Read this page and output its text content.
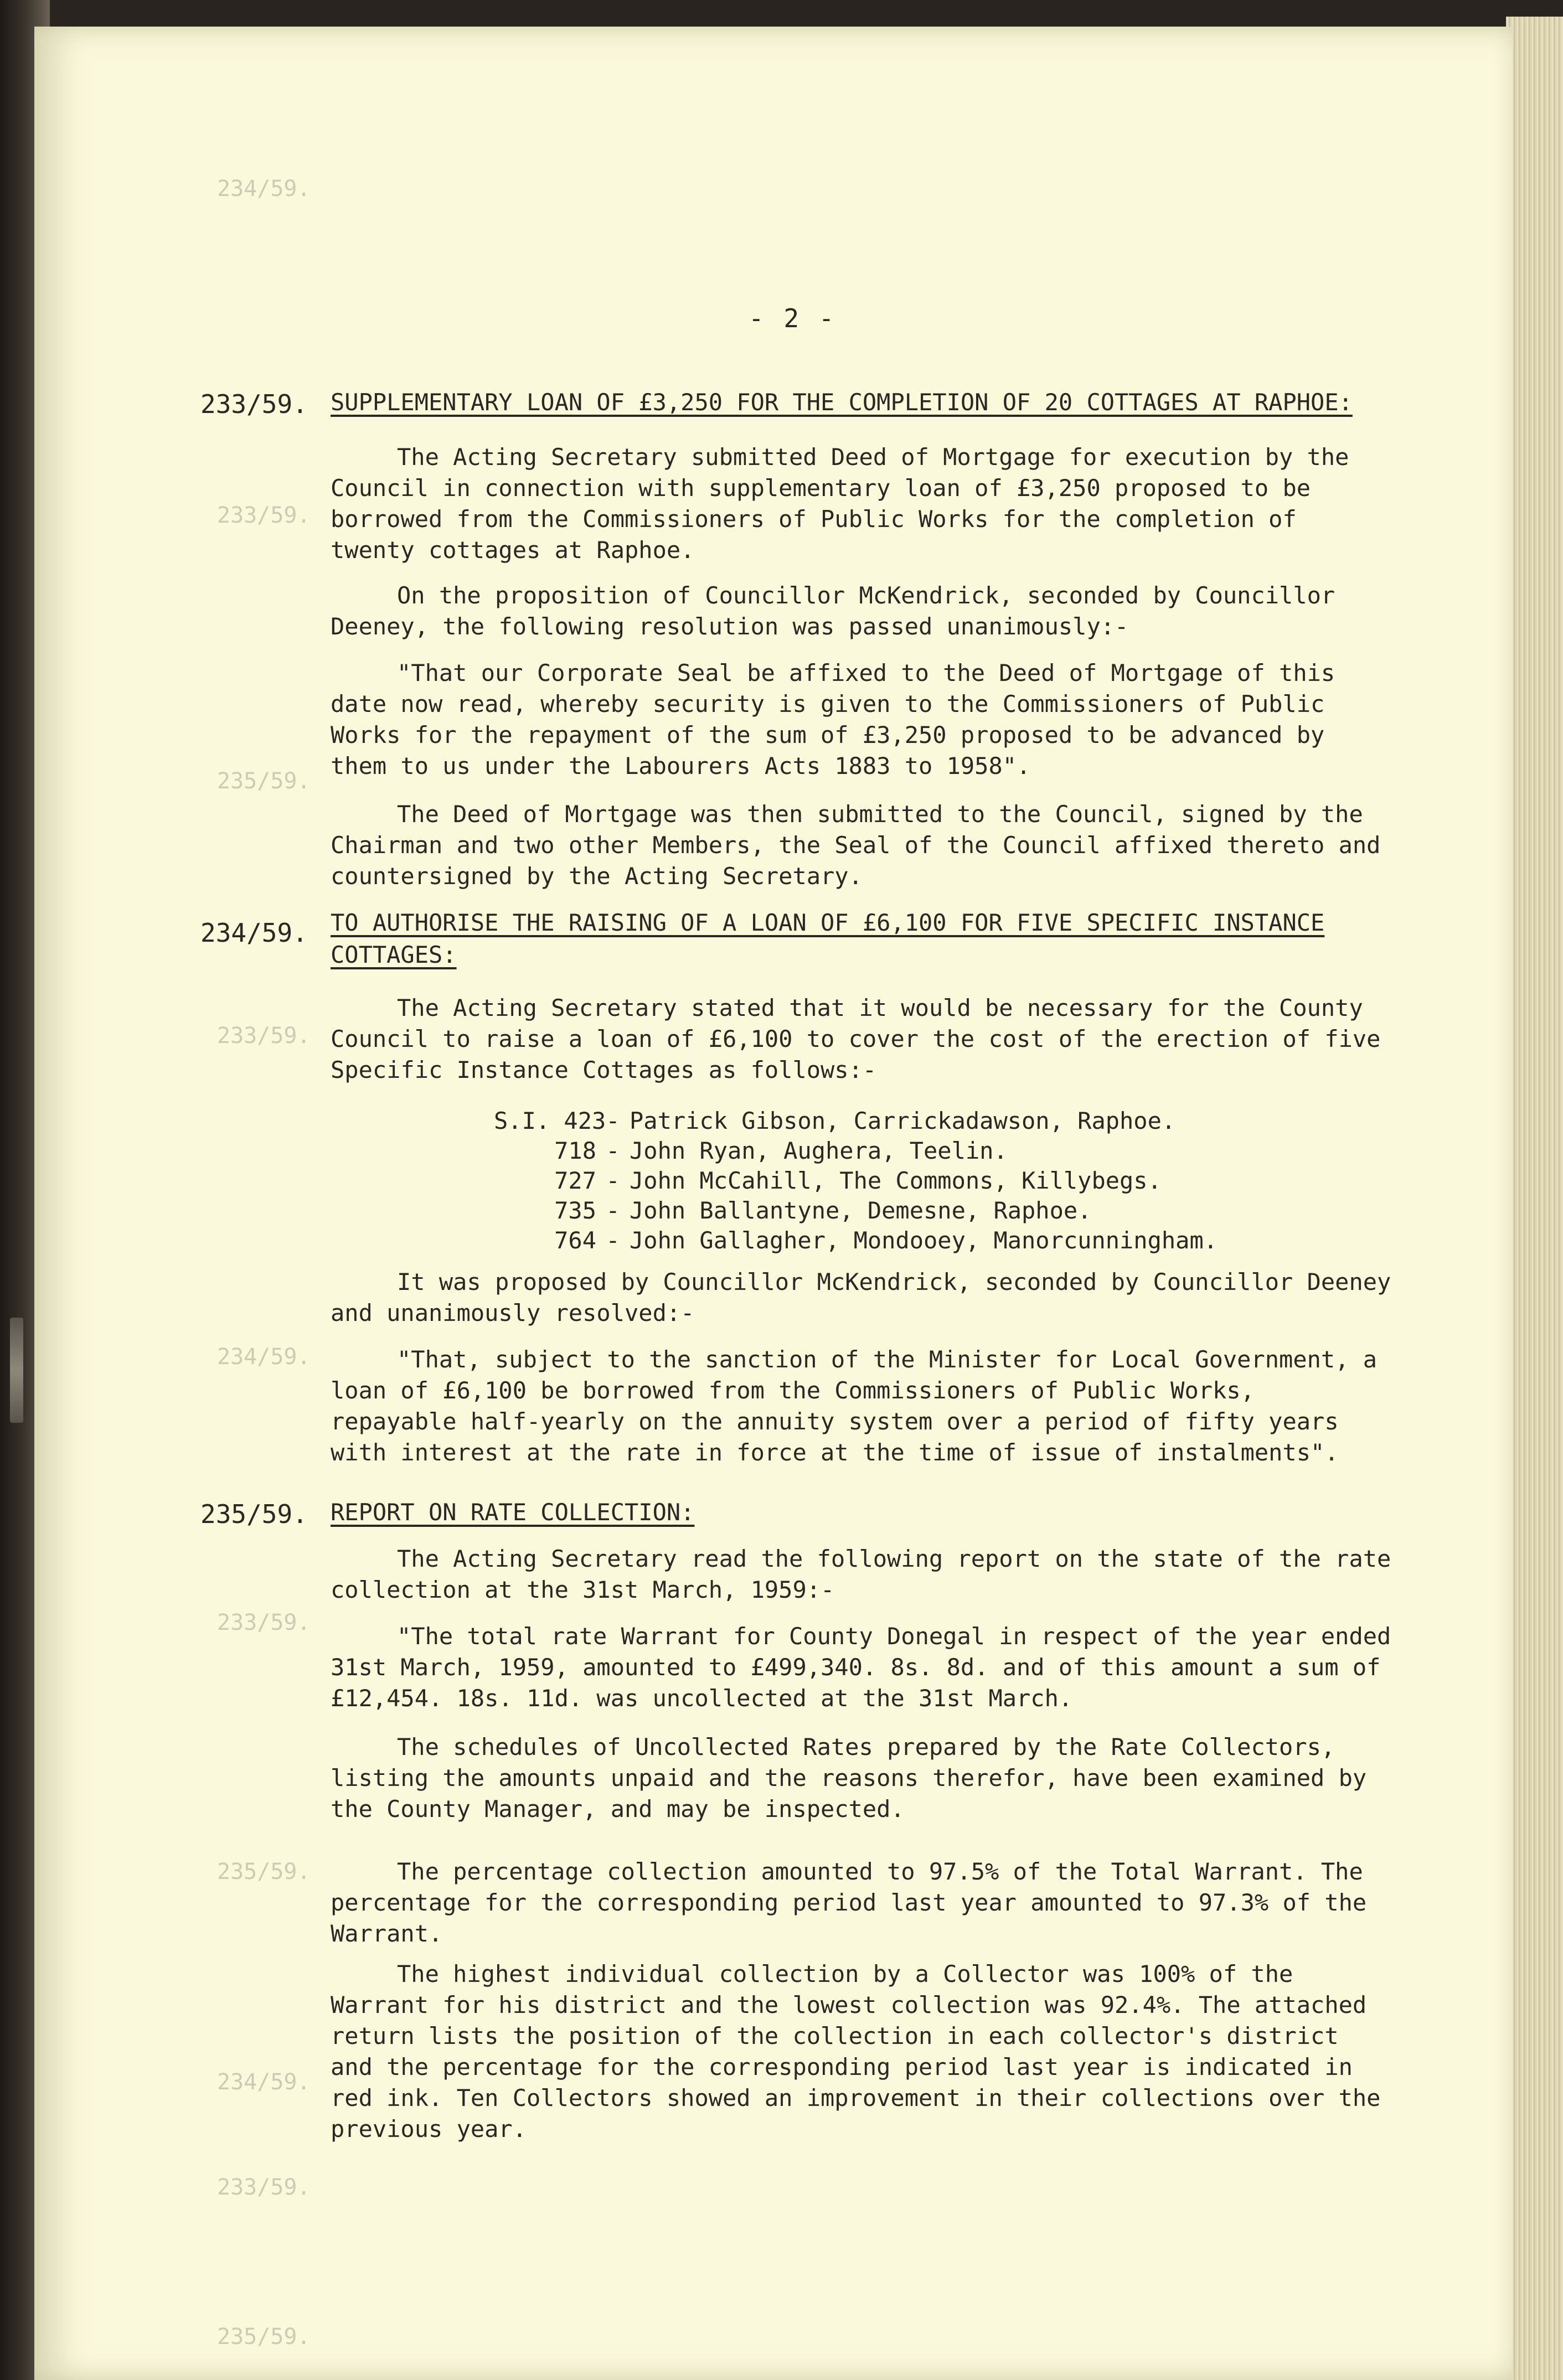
234/59.
233/59.
235/59.
233/59.
234/59.
233/59.
235/59.
234/59.
233/59.
235/59.
- 2 -
233/59. SUPPLEMENTARY LOAN OF £3,250 FOR THE COMPLETION OF 20 COTTAGES AT RAPHOE:

The Acting Secretary submitted Deed of Mortgage for execution by the Council in connection with supplementary loan of £3,250 proposed to be borrowed from the Commissioners of Public Works for the completion of twenty cottages at Raphoe.

On the proposition of Councillor McKendrick, seconded by Councillor Deeney, the following resolution was passed unanimously:-

"That our Corporate Seal be affixed to the Deed of Mortgage of this date now read, whereby security is given to the Commissioners of Public Works for the repayment of the sum of £3,250 proposed to be advanced by them to us under the Labourers Acts 1883 to 1958".

The Deed of Mortgage was then submitted to the Council, signed by the Chairman and two other Members, the Seal of the Council affixed thereto and countersigned by the Acting Secretary.

234/59. TO AUTHORISE THE RAISING OF A LOAN OF £6,100 FOR FIVE SPECIFIC INSTANCE COTTAGES:

The Acting Secretary stated that it would be necessary for the County Council to raise a loan of £6,100 to cover the cost of the erection of five Specific Instance Cottages as follows:-

S.I. 423- Patrick Gibson, Carrickadawson, Raphoe.
718 - John Ryan, Aughera, Teelin.
727 - John McCahill, The Commons, Killybegs.
735 - John Ballantyne, Demesne, Raphoe.
764 - John Gallagher, Mondooey, Manorcunningham.

It was proposed by Councillor McKendrick, seconded by Councillor Deeney and unanimously resolved:-

"That, subject to the sanction of the Minister for Local Government, a loan of £6,100 be borrowed from the Commissioners of Public Works, repayable half-yearly on the annuity system over a period of fifty years with interest at the rate in force at the time of issue of instalments".

235/59. REPORT ON RATE COLLECTION:

The Acting Secretary read the following report on the state of the rate collection at the 31st March, 1959:-

"The total rate Warrant for County Donegal in respect of the year ended 31st March, 1959, amounted to £499,340. 8s. 8d. and of this amount a sum of £12,454. 18s. 11d. was uncollected at the 31st March.

The schedules of Uncollected Rates prepared by the Rate Collectors, listing the amounts unpaid and the reasons therefor, have been examined by the County Manager, and may be inspected.

The percentage collection amounted to 97.5% of the Total Warrant. The percentage for the corresponding period last year amounted to 97.3% of the Warrant.

The highest individual collection by a Collector was 100% of the Warrant for his district and the lowest collection was 92.4%. The attached return lists the position of the collection in each collector's district and the percentage for the corresponding period last year is indicated in red ink. Ten Collectors showed an improvement in their collections over the previous year.
